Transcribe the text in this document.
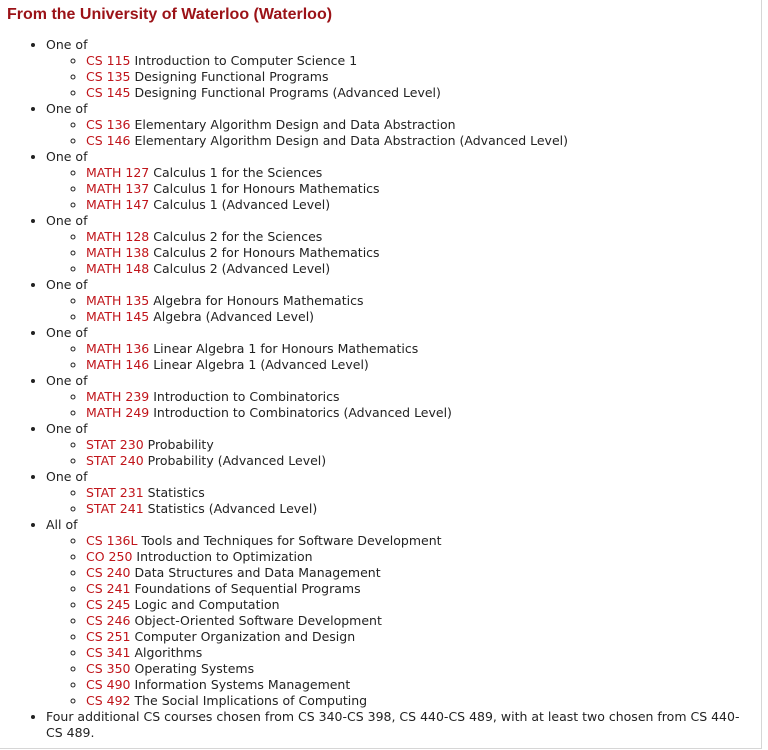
From the University of Waterloo (Waterloo)
• One of
◦ CS 115 Introduction to Computer Science 1
◦ CS 135 Designing Functional Programs
◦ CS 145 Designing Functional Programs (Advanced Level)
• One of
◦ CS 136 Elementary Algorithm Design and Data Abstraction
◦ CS 146 Elementary Algorithm Design and Data Abstraction (Advanced Level)
• One of
◦ MATH 127 Calculus 1 for the Sciences
◦ MATH 137 Calculus 1 for Honours Mathematics
◦ MATH 147 Calculus 1 (Advanced Level)
• One of
◦ MATH 128 Calculus 2 for the Sciences
◦ MATH 138 Calculus 2 for Honours Mathematics
◦ MATH 148 Calculus 2 (Advanced Level)
• One of
◦ MATH 135 Algebra for Honours Mathematics
◦ MATH 145 Algebra (Advanced Level)
• One of
◦ MATH 136 Linear Algebra 1 for Honours Mathematics
◦ MATH 146 Linear Algebra 1 (Advanced Level)
• One of
◦ MATH 239 Introduction to Combinatorics
◦ MATH 249 Introduction to Combinatorics (Advanced Level)
• One of
◦ STAT 230 Probability
◦ STAT 240 Probability (Advanced Level)
• One of
◦ STAT 231 Statistics
◦ STAT 241 Statistics (Advanced Level)
• All of
◦ CS 136L Tools and Techniques for Software Development
◦ CO 250 Introduction to Optimization
◦ CS 240 Data Structures and Data Management
◦ CS 241 Foundations of Sequential Programs
◦ CS 245 Logic and Computation
◦ CS 246 Object-Oriented Software Development
◦ CS 251 Computer Organization and Design
◦ CS 341 Algorithms
◦ CS 350 Operating Systems
◦ CS 490 Information Systems Management
◦ CS 492 The Social Implications of Computing
• Four additional CS courses chosen from CS 340-CS 398, CS 440-CS 489, with at least two chosen from CS 440-CS 489.
